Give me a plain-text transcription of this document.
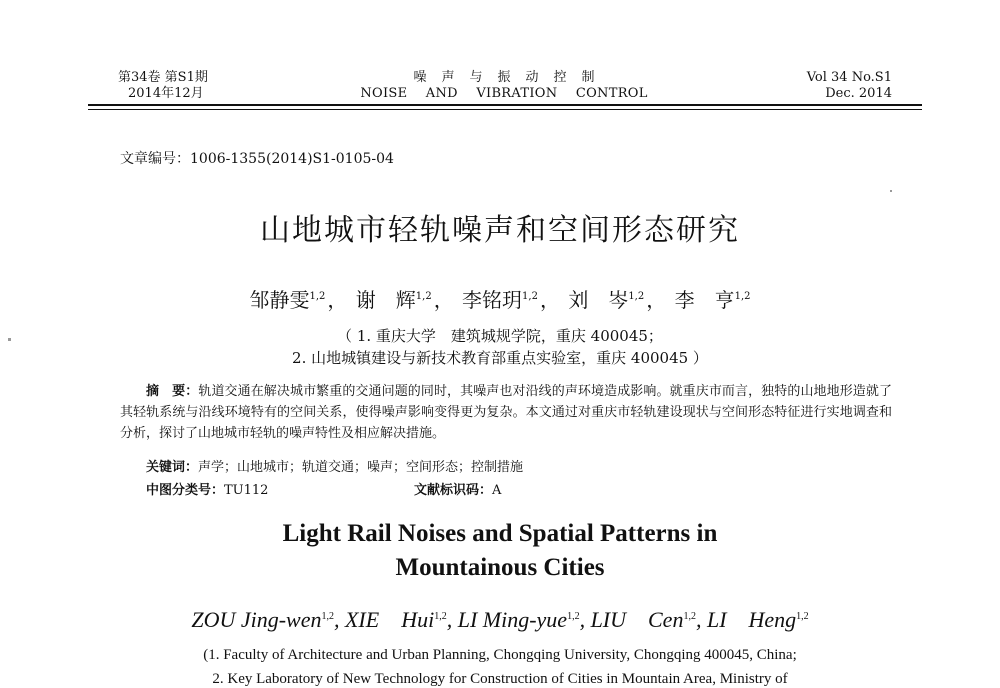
第34卷 第S1期
2014年12月
噪声与振动控制
NOISE AND VIBRATION CONTROL
Vol 34 No.S1
Dec. 2014
文章编号：1006-1355(2014)S1-0105-04
山地城市轻轨噪声和空间形态研究
邹静雯$^{1,2}$ ， 谢　辉$^{1,2}$ ， 李铭玥$^{1,2}$ ， 刘　岑$^{1,2}$ ， 李　亨$^{1,2}$
（ 1. 重庆大学　建筑城规学院，重庆 400045；
2. 山地城镇建设与新技术教育部重点实验室，重庆 400045 ）
摘　要：轨道交通在解决城市繁重的交通问题的同时，其噪声也对沿线的声环境造成影响。就重庆市而言，独特的山地地形造就了其轻轨系统与沿线环境特有的空间关系，使得噪声影响变得更为复杂。本文通过对重庆市轻轨建设现状与空间形态特征进行实地调查和分析，探讨了山地城市轻轨的噪声特性及相应解决措施。
关键词：声学；山地城市；轨道交通；噪声；空间形态；控制措施
中图分类号：TU112	文献标识码：A
Light Rail Noises and Spatial Patterns in
Mountainous Cities
ZOU Jing-wen$^{1,2}$, XIE　Hui$^{1,2}$, LI Ming-yue$^{1,2}$, LIU　Cen$^{1,2}$, LI　Heng$^{1,2}$
(1. Faculty of Architecture and Urban Planning, Chongqing University, Chongqing 400045, China;
2. Key Laboratory of New Technology for Construction of Cities in Mountain Area, Ministry of
